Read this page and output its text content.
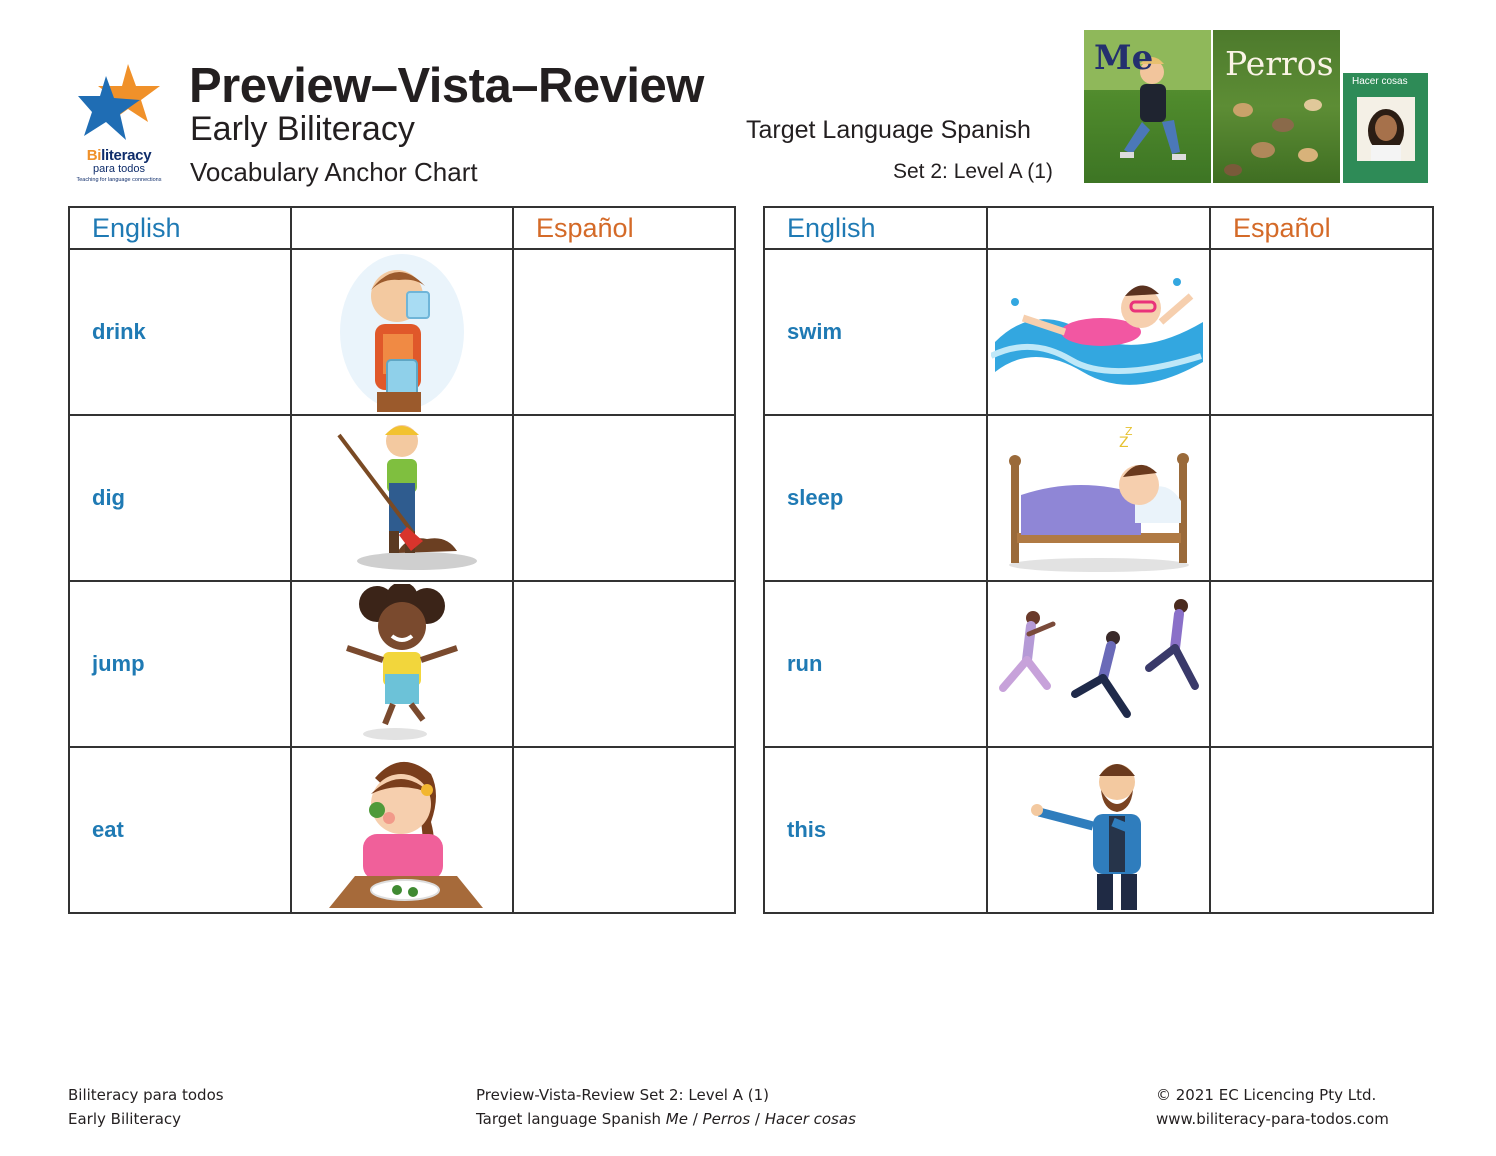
Biliteracy
para todos
Teaching for language connections
Preview–Vista–Review
Early Biliteracy
Vocabulary Anchor Chart
Target Language Spanish
Set 2: Level A (1)
Me Perros Hacer cosas
English		Español
drink	

dig	

jump	

eat	

English		Español
swim	

sleep	Z
Z	

run	

this	

Biliteracy para todos
Early Biliteracy
Preview-Vista-Review Set 2: Level A (1)
Target language Spanish Me / Perros / Hacer cosas
© 2021 EC Licencing Pty Ltd.
www.biliteracy-para-todos.com
